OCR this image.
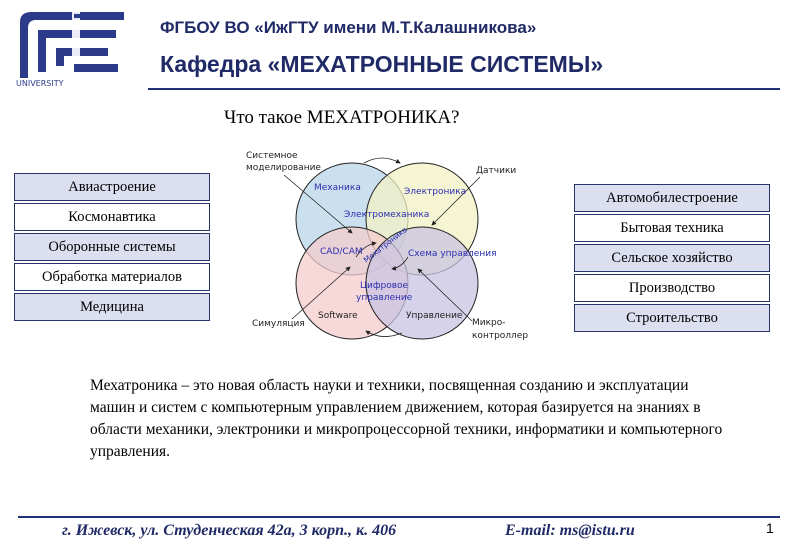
UNIVERSITY
ФГБОУ ВО «ИжГТУ имени М.Т.Калашникова»
Кафедра «МЕХАТРОННЫЕ СИСТЕМЫ»
Что такое МЕХАТРОНИКА?
Авиастроение
Космонавтика
Оборонные системы
Обработка материалов
Медицина
Автомобилестроение
Бытовая техника
Сельское хозяйство
Производство
Строительство
Системное
моделирование	Датчики
Механика	Электроника
Электромеханика
CAD/CAM Мехатроника Схема управления
Цифровое
управление
Software	Управление
Симуляция	Микро-
контроллер
Мехатроника – это новая область науки и техники, посвященная созданию и эксплуатации машин и систем с компьютерным управлением движением, которая базируется на знаниях в области механики, электроники и микропроцессорной техники, информатики и компьютерного управления.
г. Ижевск, ул. Студенческая 42а, 3 корп., к. 406	E-mail: ms@istu.ru	1
